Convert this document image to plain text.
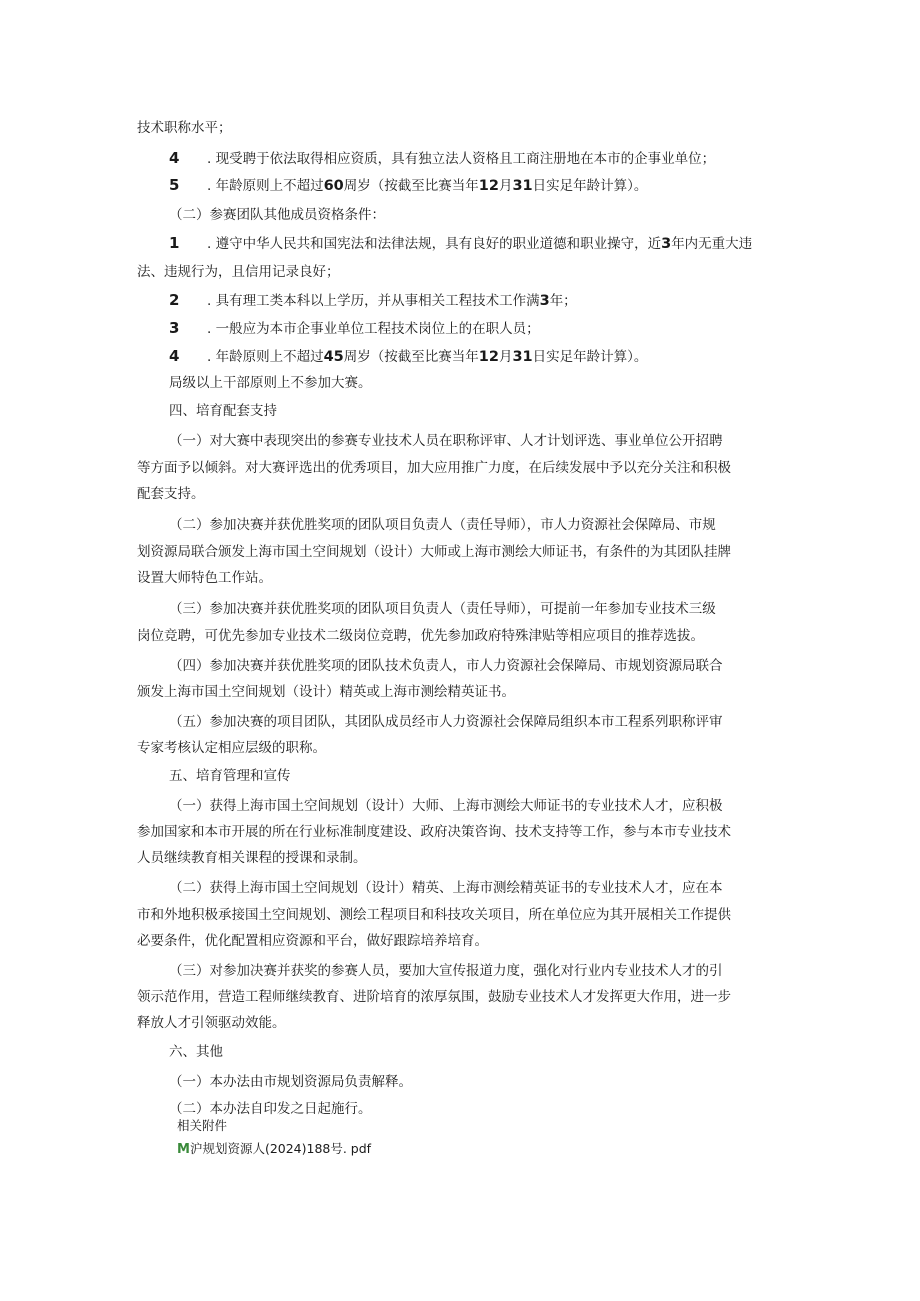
技术职称水平；
4 . 现受聘于依法取得相应资质，具有独立法人资格且工商注册地在本市的企事业单位；
5 . 年龄原则上不超过60周岁（按截至比赛当年12月31日实足年龄计算）。
（二）参赛团队其他成员资格条件：
1 . 遵守中华人民共和国宪法和法律法规，具有良好的职业道德和职业操守，近3年内无重大违
法、违规行为，且信用记录良好；
2 . 具有理工类本科以上学历，并从事相关工程技术工作满3年；
3 . 一般应为本市企事业单位工程技术岗位上的在职人员；
4 . 年龄原则上不超过45周岁（按截至比赛当年12月31日实足年龄计算）。
局级以上干部原则上不参加大赛。
四、培育配套支持
（一）对大赛中表现突出的参赛专业技术人员在职称评审、人才计划评选、事业单位公开招聘
等方面予以倾斜。对大赛评选出的优秀项目，加大应用推广力度，在后续发展中予以充分关注和积极
配套支持。
（二）参加决赛并获优胜奖项的团队项目负责人（责任导师），市人力资源社会保障局、市规
划资源局联合颁发上海市国土空间规划（设计）大师或上海市测绘大师证书，有条件的为其团队挂牌
设置大师特色工作站。
（三）参加决赛并获优胜奖项的团队项目负责人（责任导师），可提前一年参加专业技术三级
岗位竞聘，可优先参加专业技术二级岗位竞聘，优先参加政府特殊津贴等相应项目的推荐选拔。
（四）参加决赛并获优胜奖项的团队技术负责人，市人力资源社会保障局、市规划资源局联合
颁发上海市国土空间规划（设计）精英或上海市测绘精英证书。
（五）参加决赛的项目团队，其团队成员经市人力资源社会保障局组织本市工程系列职称评审
专家考核认定相应层级的职称。
五、培育管理和宣传
（一）获得上海市国土空间规划（设计）大师、上海市测绘大师证书的专业技术人才，应积极
参加国家和本市开展的所在行业标准制度建设、政府决策咨询、技术支持等工作，参与本市专业技术
人员继续教育相关课程的授课和录制。
（二）获得上海市国土空间规划（设计）精英、上海市测绘精英证书的专业技术人才，应在本
市和外地积极承接国土空间规划、测绘工程项目和科技攻关项目，所在单位应为其开展相关工作提供
必要条件，优化配置相应资源和平台，做好跟踪培养培育。
（三）对参加决赛并获奖的参赛人员，要加大宣传报道力度，强化对行业内专业技术人才的引
领示范作用，营造工程师继续教育、进阶培育的浓厚氛围，鼓励专业技术人才发挥更大作用，进一步
释放人才引领驱动效能。
六、其他
（一）本办法由市规划资源局负责解释。
（二）本办法自印发之日起施行。
相关附件
M沪规划资源人(2024)188号. pdf
